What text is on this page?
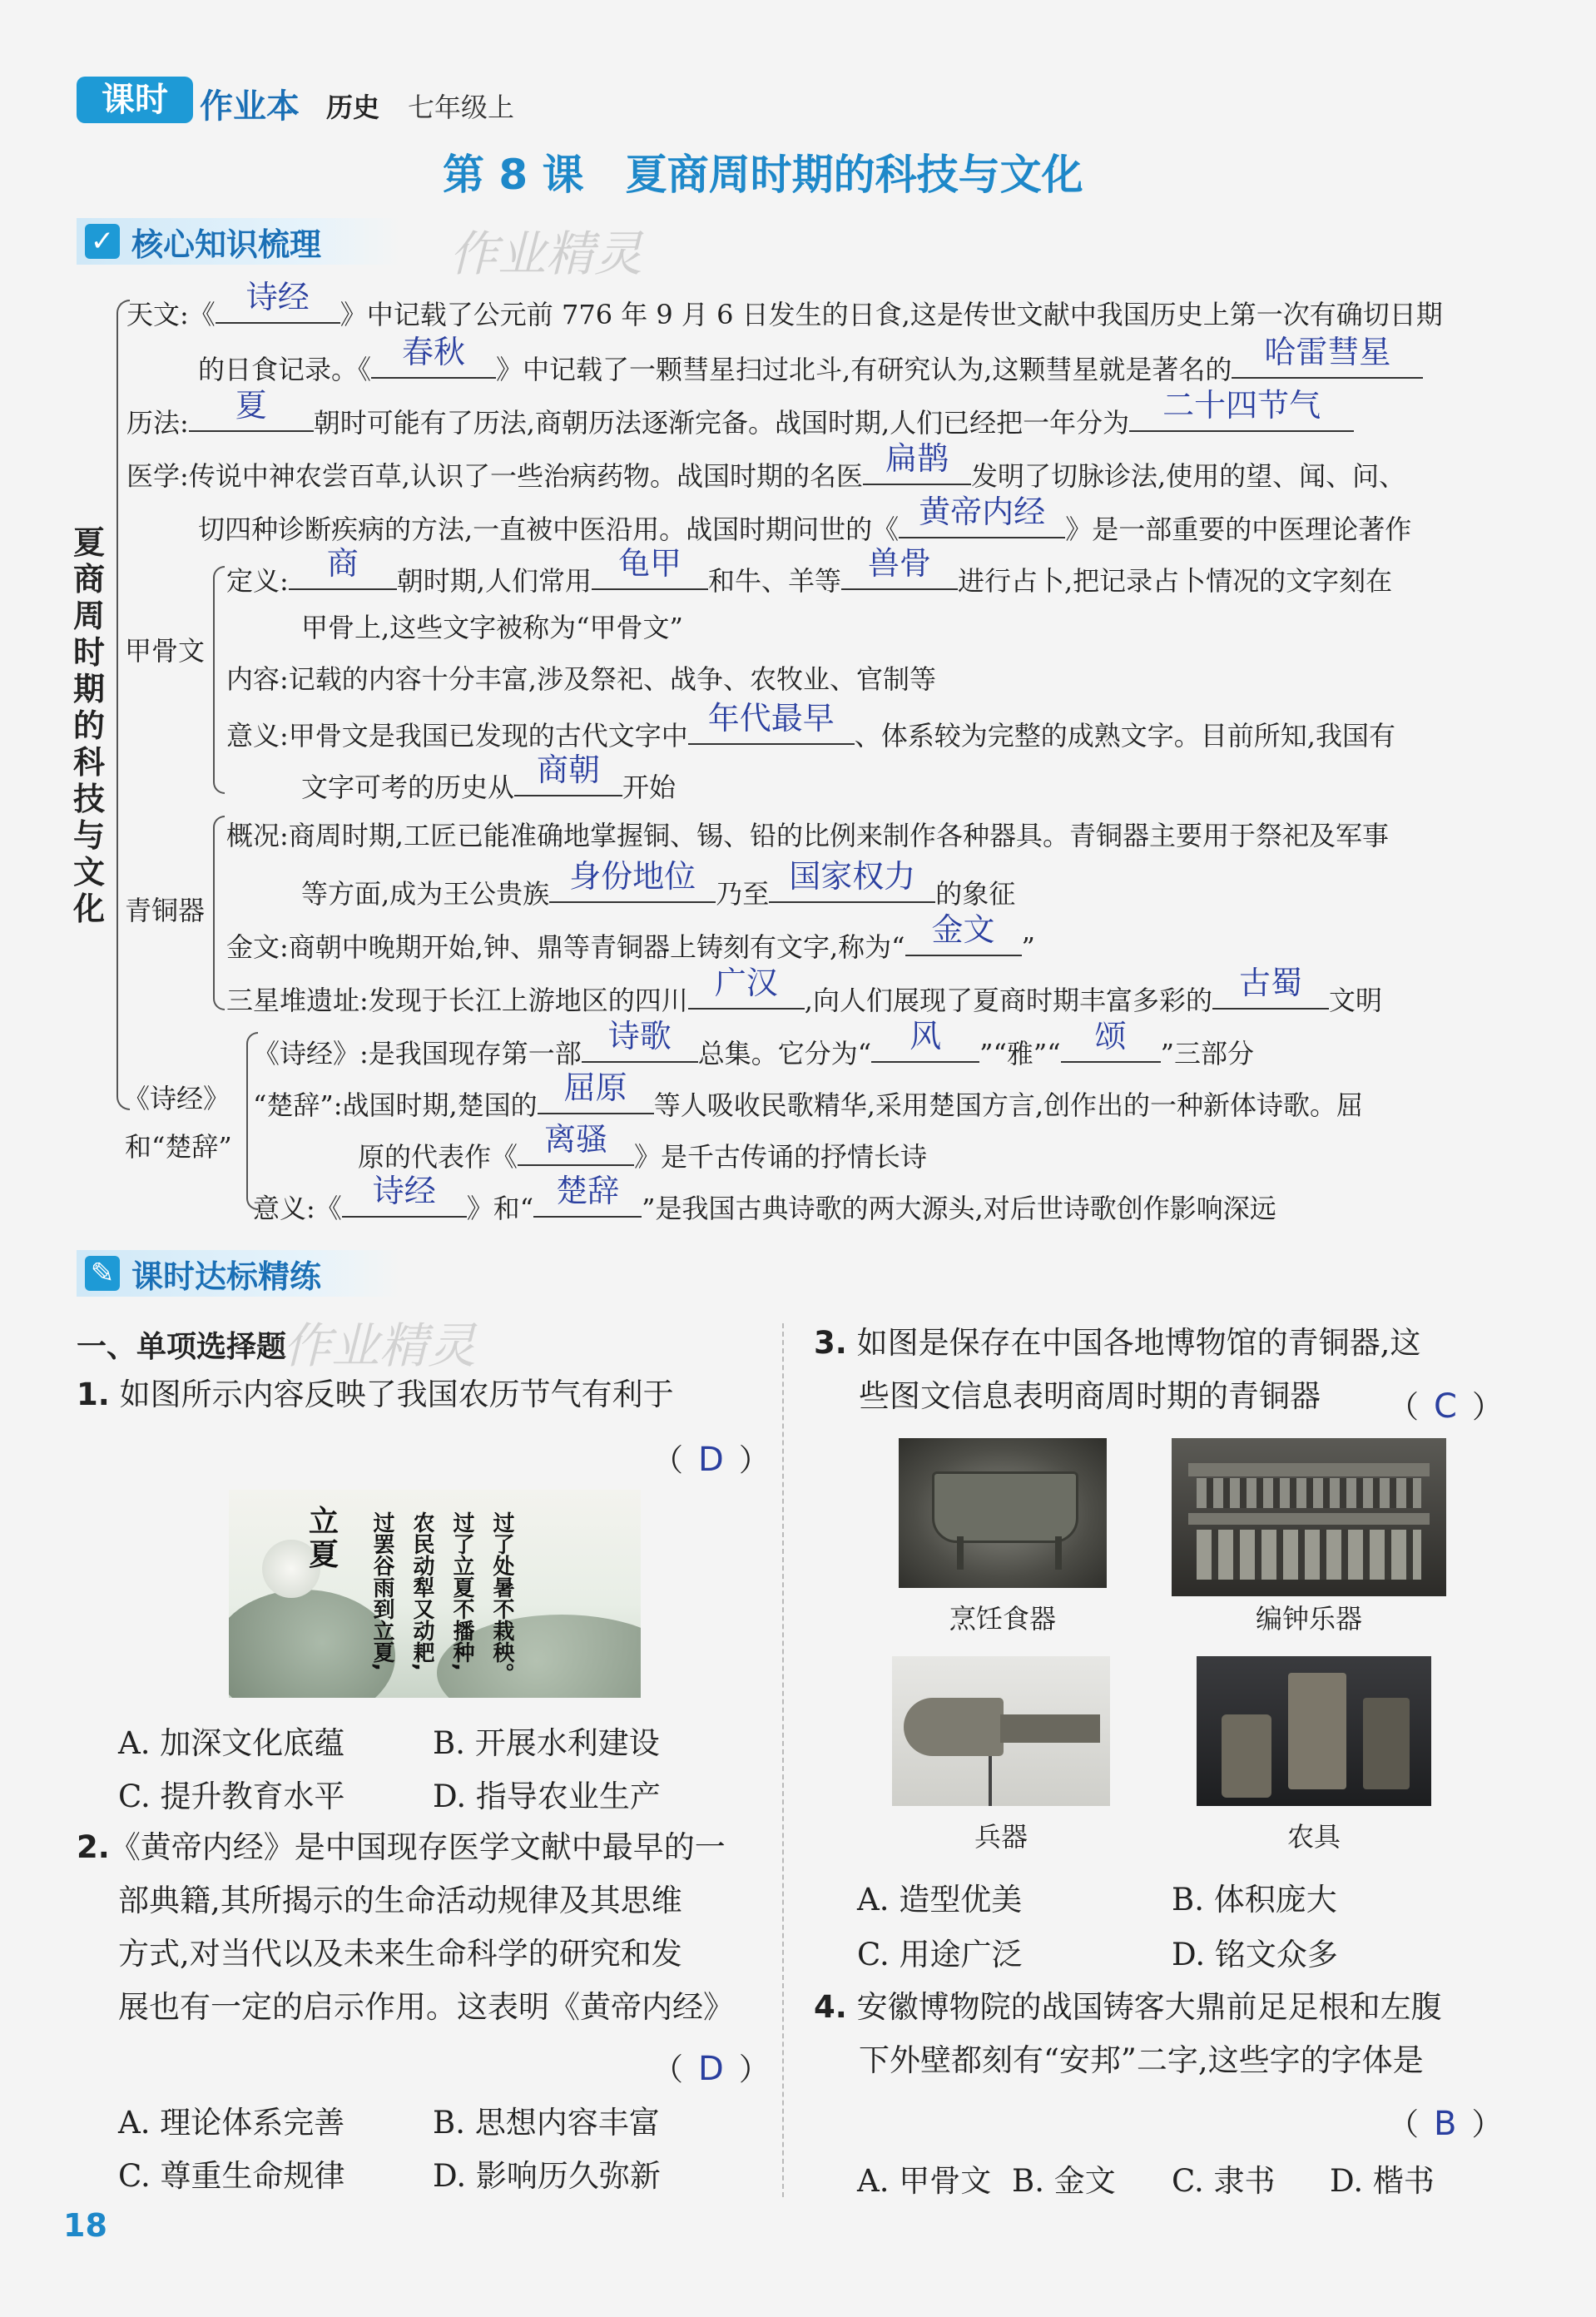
课时 作业本 历史 七年级上
第 8 课　夏商周时期的科技与文化
✓ 核心知识梳理	作业精灵
夏商周时期的科技与文化
天文:《 诗经	》中记载了公元前 776 年 9 月 6 日发生的日食,这是传世文献中我国历史上第一次有确切日期
的日食记录。《 春秋	》中记载了一颗彗星扫过北斗,有研究认为,这颗彗星就是著名的	哈雷彗星
历法:	夏	朝时可能有了历法,商朝历法逐渐完备。战国时期,人们已经把一年分为	二十四节气
医学:传说中神农尝百草,认识了一些治病药物。战国时期的名医 扁鹊 发明了切脉诊法,使用的望、闻、问、
切四种诊断疾病的方法,一直被中医沿用。战国时期问世的《 黄帝内经 》是一部重要的中医理论著作
甲骨文
定义:	商	朝时期,人们常用 龟甲	和牛、羊等 兽骨	进行占卜,把记录占卜情况的文字刻在
甲骨上,这些文字被称为“甲骨文”
内容:记载的内容十分丰富,涉及祭祀、战争、农牧业、官制等
意义:甲骨文是我国已发现的古代文字中 年代最早 、体系较为完整的成熟文字。目前所知,我国有
文字可考的历史从 商朝 开始
青铜器
概况:商周时期,工匠已能准确地掌握铜、锡、铅的比例来制作各种器具。青铜器主要用于祭祀及军事
等方面,成为王公贵族 身份地位 乃至 国家权力 的象征
金文:商朝中晚期开始,钟、鼎等青铜器上铸刻有文字,称为“ 金文	”
三星堆遗址:发现于长江上游地区的四川 广汉	,向人们展现了夏商时期丰富多彩的 古蜀	文明
《诗经》
和“楚辞”
《诗经》:是我国现存第一部 诗歌	总集。它分为“	风	”“雅”“	颂	”三部分
“楚辞”:战国时期,楚国的 屈原	等人吸收民歌精华,采用楚国方言,创作出的一种新体诗歌。屈
原的代表作《 离骚	》是千古传诵的抒情长诗
意义:《 诗经	》和“ 楚辞 ”是我国古典诗歌的两大源头,对后世诗歌创作影响深远
✎ 课时达标精练
作业精灵
一、单项选择题
1. 如图所示内容反映了我国农历节气有利于
（ D ）
立夏	过了处暑不栽秧。
过了立夏不播种,
农民动犁又动耙,
过罢谷雨到立夏,
A. 加深文化底蕴	B. 开展水利建设
C. 提升教育水平	D. 指导农业生产
2.《黄帝内经》是中国现存医学文献中最早的一
部典籍,其所揭示的生命活动规律及其思维
方式,对当代以及未来生命科学的研究和发
展也有一定的启示作用。这表明《黄帝内经》
（ D ）
A. 理论体系完善	B. 思想内容丰富
C. 尊重生命规律	D. 影响历久弥新
3. 如图是保存在中国各地博物馆的青铜器,这
些图文信息表明商周时期的青铜器	（ C ）
烹饪食器	编钟乐器
兵器	农具
A. 造型优美	B. 体积庞大
C. 用途广泛	D. 铭文众多
4. 安徽博物院的战国铸客大鼎前足足根和左腹
下外壁都刻有“安邦”二字,这些字的字体是
（ B ）
A. 甲骨文 B. 金文 C. 隶书 D. 楷书
18
